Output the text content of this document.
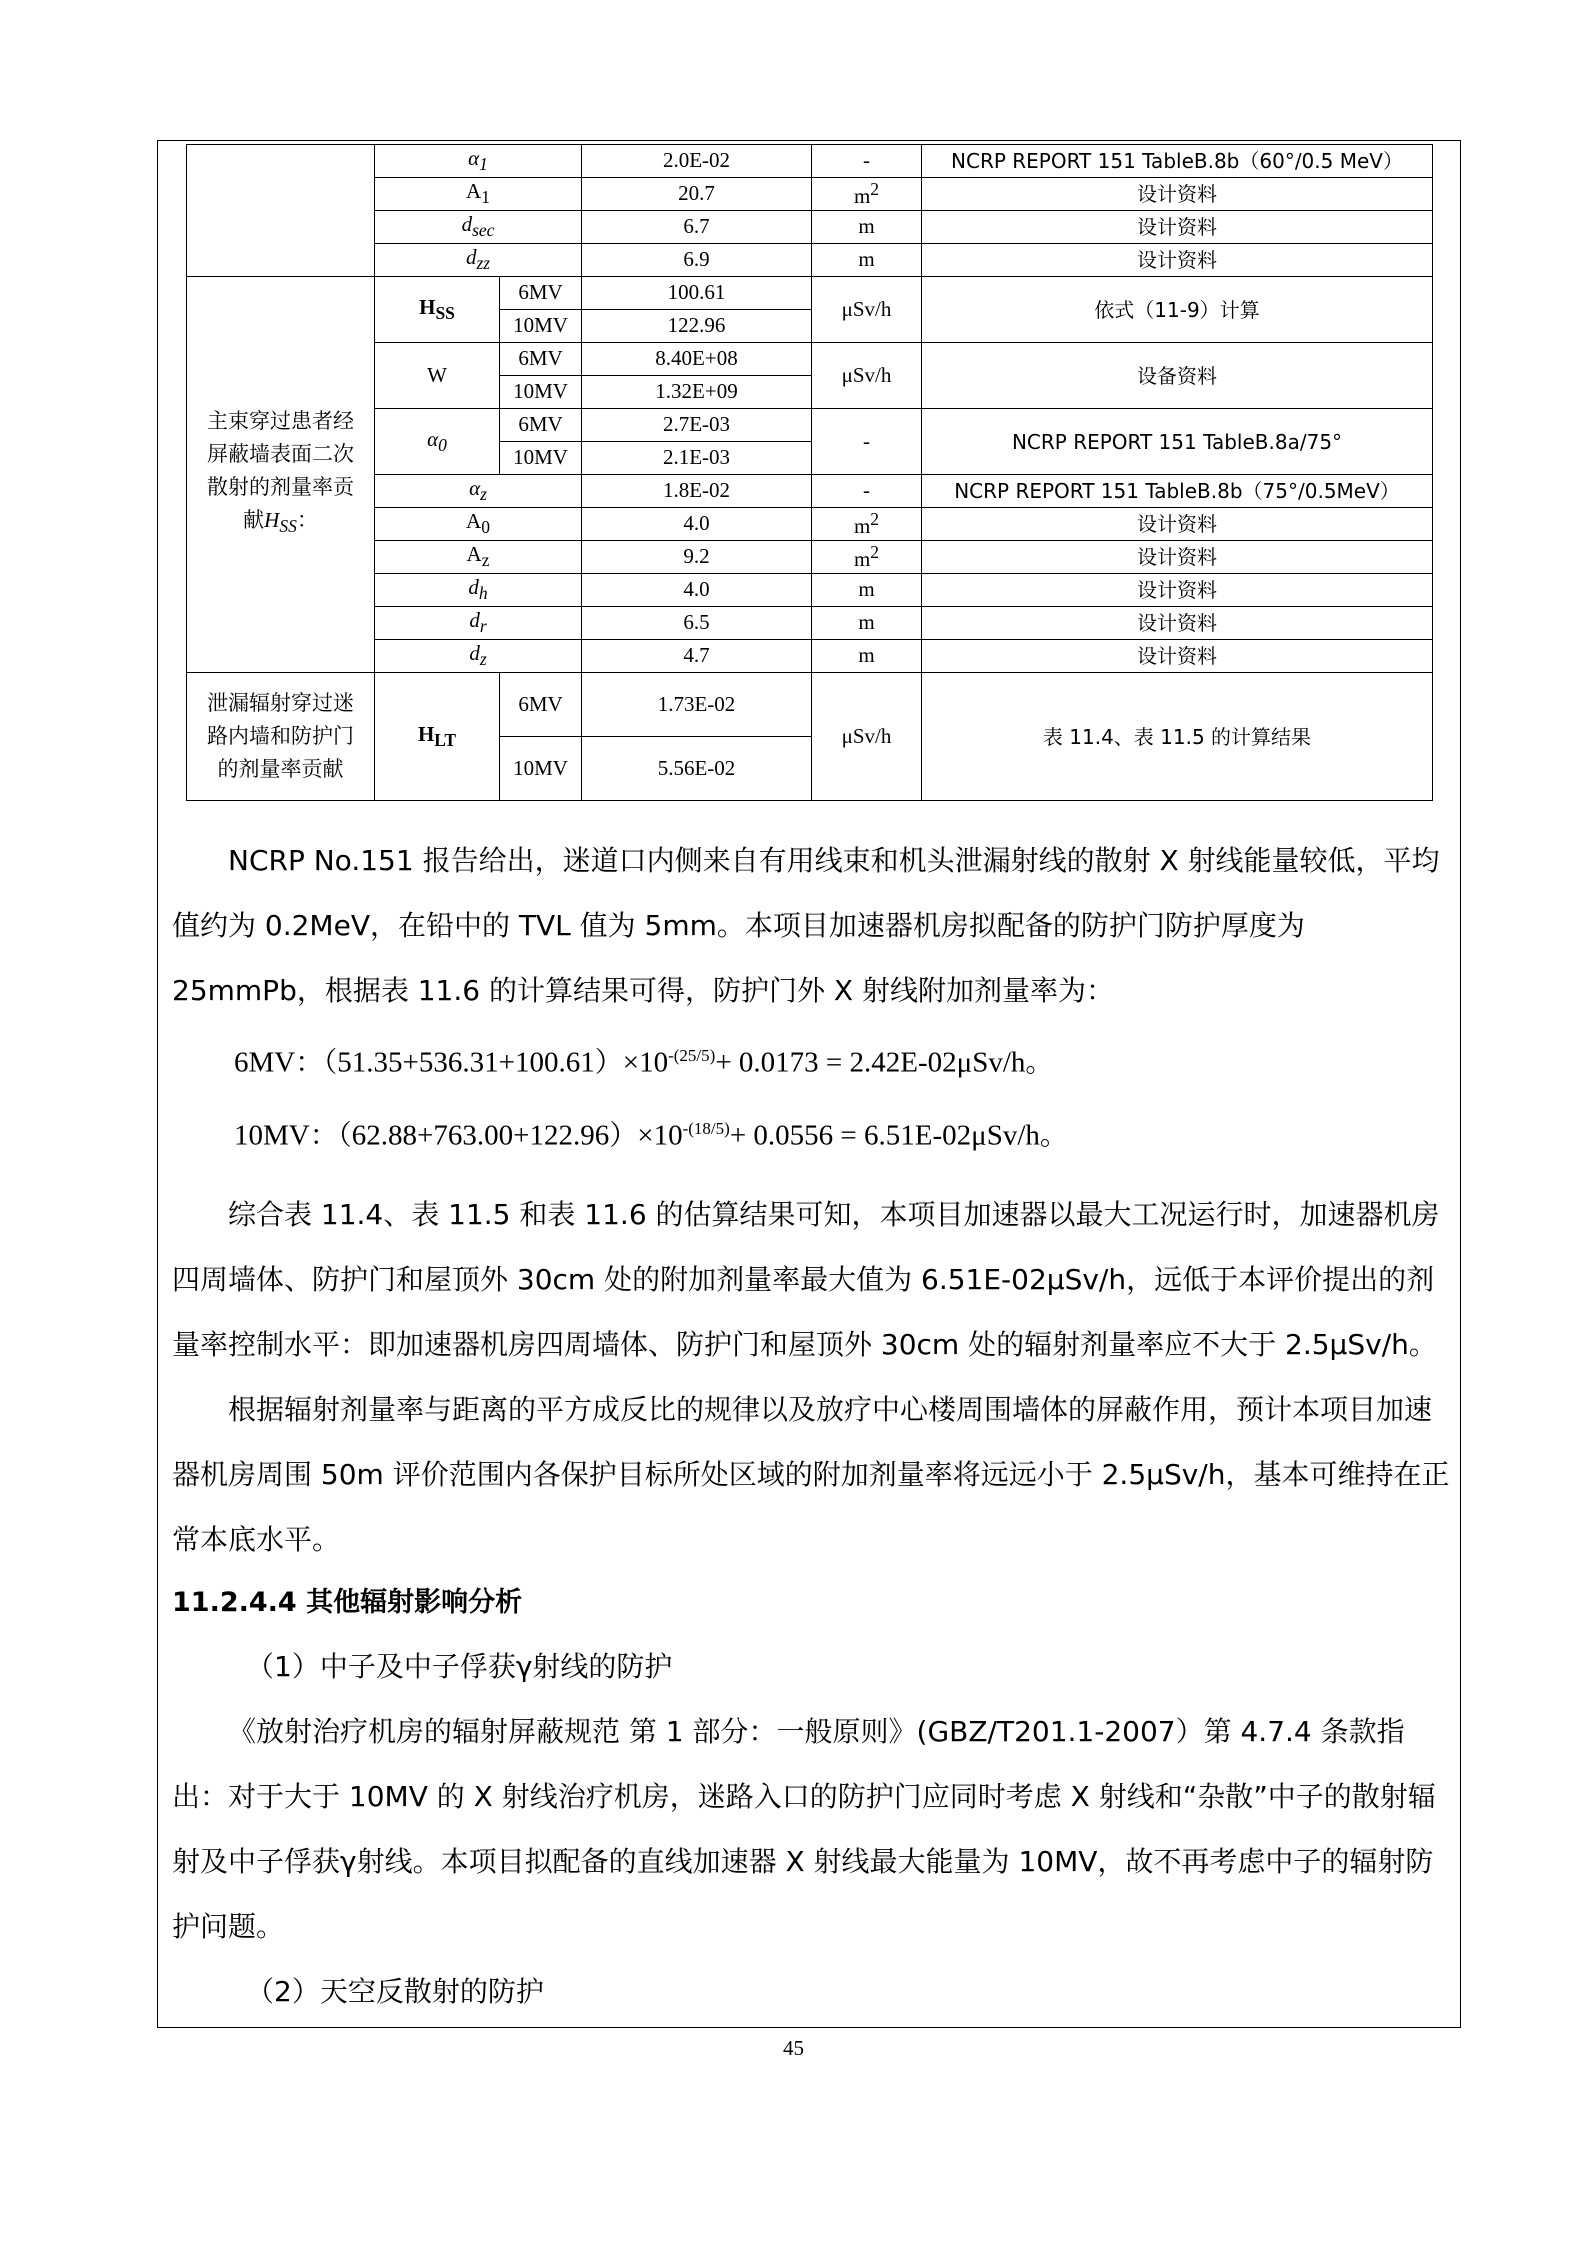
	$\alpha_1$		2.0E-02	-	NCRP REPORT 151 TableB.8b（60°/0.5 MeV）
	$A_1$		20.7	$m^2$	设计资料
	$d_{sec}$		6.7	m	设计资料
	$d_{zz}$		6.9	m	设计资料
主束穿过患者经屏蔽墙表面二次散射的剂量率贡献$H_{SS}$：	$H_{SS}$	6MV	100.61	μSv/h	依式（11-9）计算
		10MV	122.96		
	W	6MV	8.40E+08	μSv/h	设备资料
		10MV	1.32E+09		
	$\alpha_0$	6MV	2.7E-03	-	NCRP REPORT 151 TableB.8a/75°
		10MV	2.1E-03		
	$\alpha_z$		1.8E-02	-	NCRP REPORT 151 TableB.8b（75°/0.5MeV）
	$A_0$		4.0	$m^2$	设计资料
	$A_z$		9.2	$m^2$	设计资料
	$d_h$		4.0	m	设计资料
	$d_r$		6.5	m	设计资料
	$d_z$		4.7	m	设计资料
泄漏辐射穿过迷路内墙和防护门的剂量率贡献	$H_{LT}$	6MV	1.73E-02	μSv/h	表 11.4、表 11.5 的计算结果
		10MV	5.56E-02		

NCRP No.151 报告给出，迷道口内侧来自有用线束和机头泄漏射线的散射 X 射线能量较低，平均值约为 0.2MeV，在铅中的 TVL 值为 5mm。本项目加速器机房拟配备的防护门防护厚度为 25mmPb，根据表 11.6 的计算结果可得，防护门外 X 射线附加剂量率为：

6MV：$(51.35+536.31+100.61)\times 10^{-(25/5)}+ 0.0173 = 2.42E-02\mu Sv/h$。

10MV：$(62.88+763.00+122.96)\times 10^{-(18/5)}+ 0.0556 = 6.51E-02\mu Sv/h$。

综合表 11.4、表 11.5 和表 11.6 的估算结果可知，本项目加速器以最大工况运行时，加速器机房四周墙体、防护门和屋顶外 30cm 处的附加剂量率最大值为 6.51E-02μSv/h，远低于本评价提出的剂量率控制水平：即加速器机房四周墙体、防护门和屋顶外 30cm 处的辐射剂量率应不大于 2.5μSv/h。

根据辐射剂量率与距离的平方成反比的规律以及放疗中心楼周围墙体的屏蔽作用，预计本项目加速器机房周围 50m 评价范围内各保护目标所处区域的附加剂量率将远远小于 2.5μSv/h，基本可维持在正常本底水平。

11.2.4.4 其他辐射影响分析

（1）中子及中子俘获γ射线的防护

《放射治疗机房的辐射屏蔽规范 第 1 部分：一般原则》(GBZ/T201.1-2007）第 4.7.4 条款指出：对于大于 10MV 的 X 射线治疗机房，迷路入口的防护门应同时考虑 X 射线和“杂散”中子的散射辐射及中子俘获γ射线。本项目拟配备的直线加速器 X 射线最大能量为 10MV，故不再考虑中子的辐射防护问题。

（2）天空反散射的防护

45
